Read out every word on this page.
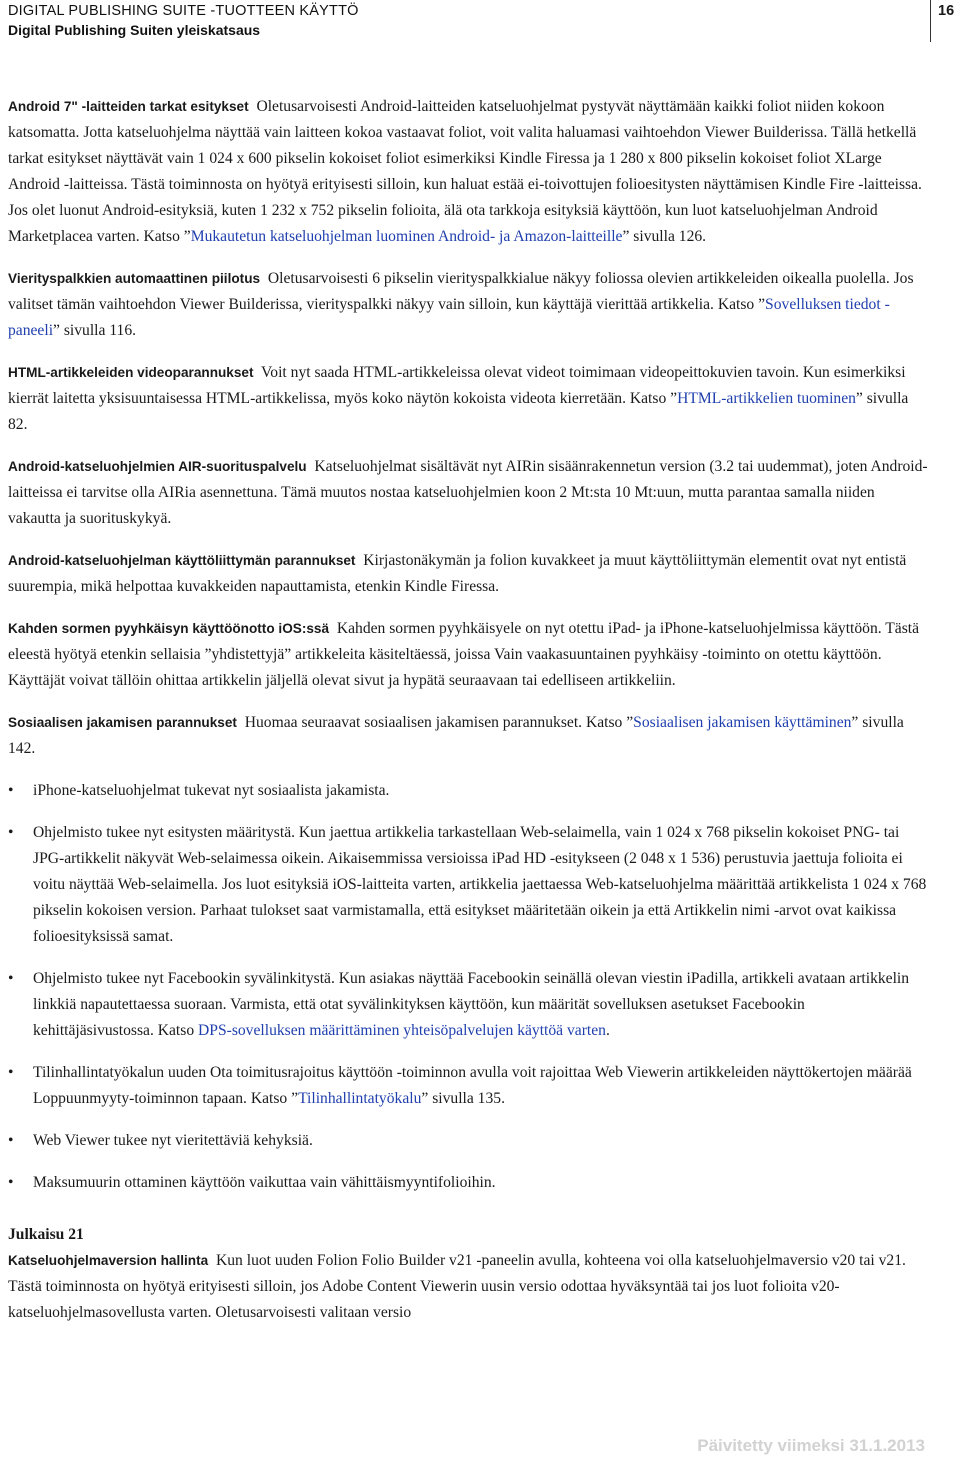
DIGITAL PUBLISHING SUITE -TUOTTEEN KÄYTTÖ
Digital Publishing Suiten yleiskatsaus
16

Android 7" -laitteiden tarkat esitykset Oletusarvoisesti Android-laitteiden katseluohjelmat pystyvät näyttämään kaikki foliot niiden kokoon katsomatta. Jotta katseluohjelma näyttää vain laitteen kokoa vastaavat foliot, voit valita haluamasi vaihtoehdon Viewer Builderissa. Tällä hetkellä tarkat esitykset näyttävät vain 1 024 x 600 pikselin kokoiset foliot esimerkiksi Kindle Firessa ja 1 280 x 800 pikselin kokoiset foliot XLarge Android -laitteissa. Tästä toiminnosta on hyötyä erityisesti silloin, kun haluat estää ei-toivottujen folioesitysten näyttämisen Kindle Fire -laitteissa. Jos olet luonut Android-esityksiä, kuten 1 232 x 752 pikselin folioita, älä ota tarkkoja esityksiä käyttöön, kun luot katseluohjelman Android Marketplacea varten. Katso ”Mukautetun katseluohjelman luominen Android- ja Amazon-laitteille” sivulla 126.

Vierityspalkkien automaattinen piilotus Oletusarvoisesti 6 pikselin vierityspalkkialue näkyy foliossa olevien artikkeleiden oikealla puolella. Jos valitset tämän vaihtoehdon Viewer Builderissa, vierityspalkki näkyy vain silloin, kun käyttäjä vierittää artikkelia. Katso ”Sovelluksen tiedot -paneeli” sivulla 116.

HTML-artikkeleiden videoparannukset Voit nyt saada HTML-artikkeleissa olevat videot toimimaan videopeittokuvien tavoin. Kun esimerkiksi kierrät laitetta yksisuuntaisessa HTML-artikkelissa, myös koko näytön kokoista videota kierretään. Katso ”HTML-artikkelien tuominen” sivulla 82.

Android-katseluohjelmien AIR-suorituspalvelu Katseluohjelmat sisältävät nyt AIRin sisäänrakennetun version (3.2 tai uudemmat), joten Android-laitteissa ei tarvitse olla AIRia asennettuna. Tämä muutos nostaa katseluohjelmien koon 2 Mt:sta 10 Mt:uun, mutta parantaa samalla niiden vakautta ja suorituskykyä.

Android-katseluohjelman käyttöliittymän parannukset Kirjastonäkymän ja folion kuvakkeet ja muut käyttöliittymän elementit ovat nyt entistä suurempia, mikä helpottaa kuvakkeiden napauttamista, etenkin Kindle Firessa.

Kahden sormen pyyhkäisyn käyttöönotto iOS:ssä Kahden sormen pyyhkäisyele on nyt otettu iPad- ja iPhone-katseluohjelmissa käyttöön. Tästä eleestä hyötyä etenkin sellaisia ”yhdistettyjä” artikkeleita käsiteltäessä, joissa Vain vaakasuuntainen pyyhkäisy -toiminto on otettu käyttöön. Käyttäjät voivat tällöin ohittaa artikkelin jäljellä olevat sivut ja hypätä seuraavaan tai edelliseen artikkeliin.

Sosiaalisen jakamisen parannukset Huomaa seuraavat sosiaalisen jakamisen parannukset. Katso ”Sosiaalisen jakamisen käyttäminen” sivulla 142.

• iPhone-katseluohjelmat tukevat nyt sosiaalista jakamista.
• Ohjelmisto tukee nyt esitysten määritystä. Kun jaettua artikkelia tarkastellaan Web-selaimella, vain 1 024 x 768 pikselin kokoiset PNG- tai JPG-artikkelit näkyvät Web-selaimessa oikein. Aikaisemmissa versioissa iPad HD -esitykseen (2 048 x 1 536) perustuvia jaettuja folioita ei voitu näyttää Web-selaimella. Jos luot esityksiä iOS-laitteita varten, artikkelia jaettaessa Web-katseluohjelma määrittää artikkelista 1 024 x 768 pikselin kokoisen version. Parhaat tulokset saat varmistamalla, että esitykset määritetään oikein ja että Artikkelin nimi -arvot ovat kaikissa folioesityksissä samat.
• Ohjelmisto tukee nyt Facebookin syvälinkitystä. Kun asiakas näyttää Facebookin seinällä olevan viestin iPadilla, artikkeli avataan artikkelin linkkiä napautettaessa suoraan. Varmista, että otat syvälinkityksen käyttöön, kun määrität sovelluksen asetukset Facebookin kehittäjäsivustossa. Katso DPS-sovelluksen määrittäminen yhteisöpalvelujen käyttöä varten.
• Tilinhallintatyökalun uuden Ota toimitusrajoitus käyttöön -toiminnon avulla voit rajoittaa Web Viewerin artikkeleiden näyttökertojen määrää Loppuunmyyty-toiminnon tapaan. Katso ”Tilinhallintatyökalu” sivulla 135.
• Web Viewer tukee nyt vieritettäviä kehyksiä.
• Maksumuurin ottaminen käyttöön vaikuttaa vain vähittäismyyntifolioihin.

Julkaisu 21

Katseluohjelmaversion hallinta Kun luot uuden Folion Folio Builder v21 -paneelin avulla, kohteena voi olla katseluohjelmaversio v20 tai v21. Tästä toiminnosta on hyötyä erityisesti silloin, jos Adobe Content Viewerin uusin versio odottaa hyväksyntää tai jos luot folioita v20-katseluohjelmasovellusta varten. Oletusarvoisesti valitaan versio

Päivitetty viimeksi 31.1.2013
